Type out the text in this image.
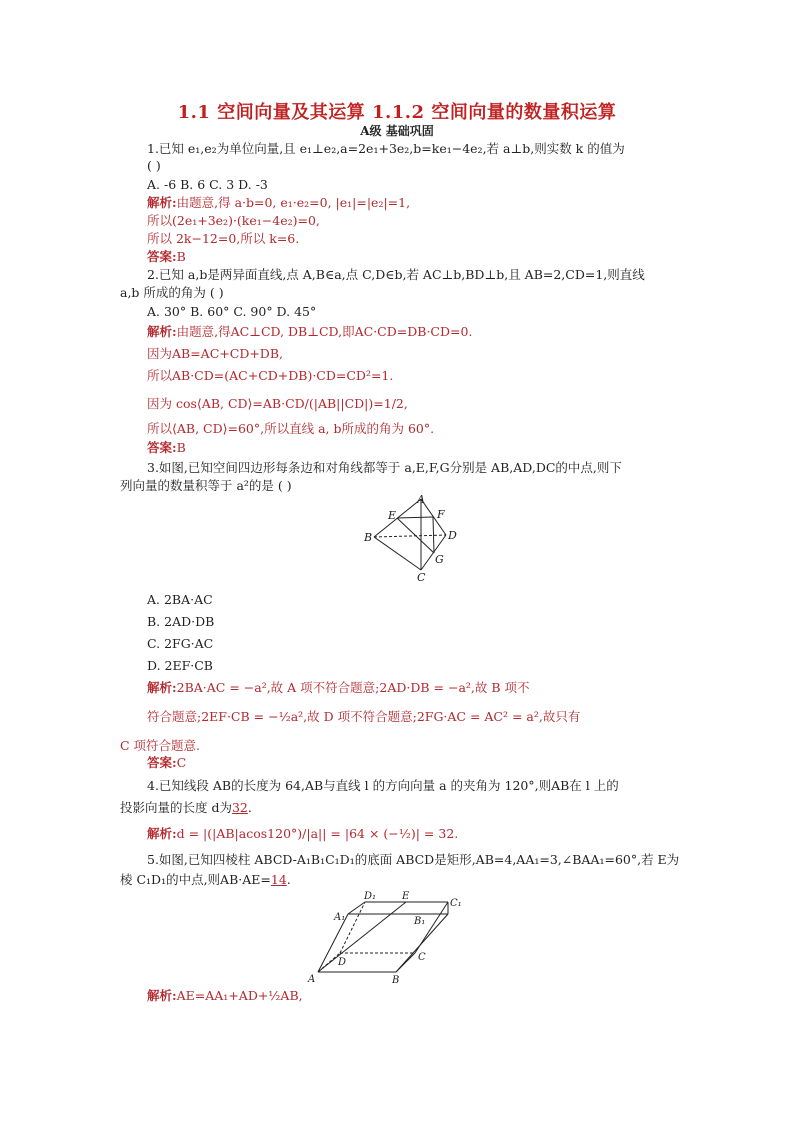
1.1 空间向量及其运算 1.1.2 空间向量的数量积运算
A级 基础巩固
1.已知 e₁,e₂为单位向量,且 e₁⊥e₂,a=2e₁+3e₂,b=ke₁−4e₂,若 a⊥b,则实数 k 的值为
( )
A. -6 B. 6 C. 3 D. -3
解析:由题意,得 a·b=0, e₁·e₂=0, |e₁|=|e₂|=1,
所以(2e₁+3e₂)·(ke₁−4e₂)=0,
所以 2k−12=0,所以 k=6.
答案:B
2.已知 a,b是两异面直线,点 A,B∈a,点 C,D∈b,若 AC⊥b,BD⊥b,且 AB=2,CD=1,则直线
a,b 所成的角为 ( )
A. 30° B. 60° C. 90° D. 45°
解析:由题意,得AC⊥CD, DB⊥CD,即AC·CD=DB·CD=0.
因为AB=AC+CD+DB,
所以AB·CD=(AC+CD+DB)·CD=CD²=1.
因为 cos⟨AB, CD⟩=AB·CD/(|AB||CD|)=1/2,
所以⟨AB, CD⟩=60°,所以直线 a, b所成的角为 60°.
答案:B
3.如图,已知空间四边形每条边和对角线都等于 a,E,F,G分别是 AB,AD,DC的中点,则下
列向量的数量积等于 a²的是 ( )
A
E	F
B	D
G
C
A. 2BA·AC
B. 2AD·DB
C. 2FG·AC
D. 2EF·CB
解析:2BA·AC = −a²,故 A 项不符合题意;2AD·DB = −a²,故 B 项不
符合题意;2EF·CB = −½a²,故 D 项不符合题意;2FG·AC = AC² = a²,故只有
C 项符合题意.
答案:C
4.已知线段 AB的长度为 64,AB与直线 l 的方向向量 a 的夹角为 120°,则AB在 l 上的
投影向量的长度 d为32.
解析:d = |(|AB|acos120°)/|a|| = |64 × (−½)| = 32.
5.如图,已知四棱柱 ABCD-A₁B₁C₁D₁的底面 ABCD是矩形,AB=4,AA₁=3,∠BAA₁=60°,若 E为
棱 C₁D₁的中点,则AB·AE=14.
D₁	E
C₁
A₁	B₁
D	C
A	B
解析:AE=AA₁+AD+½AB,
